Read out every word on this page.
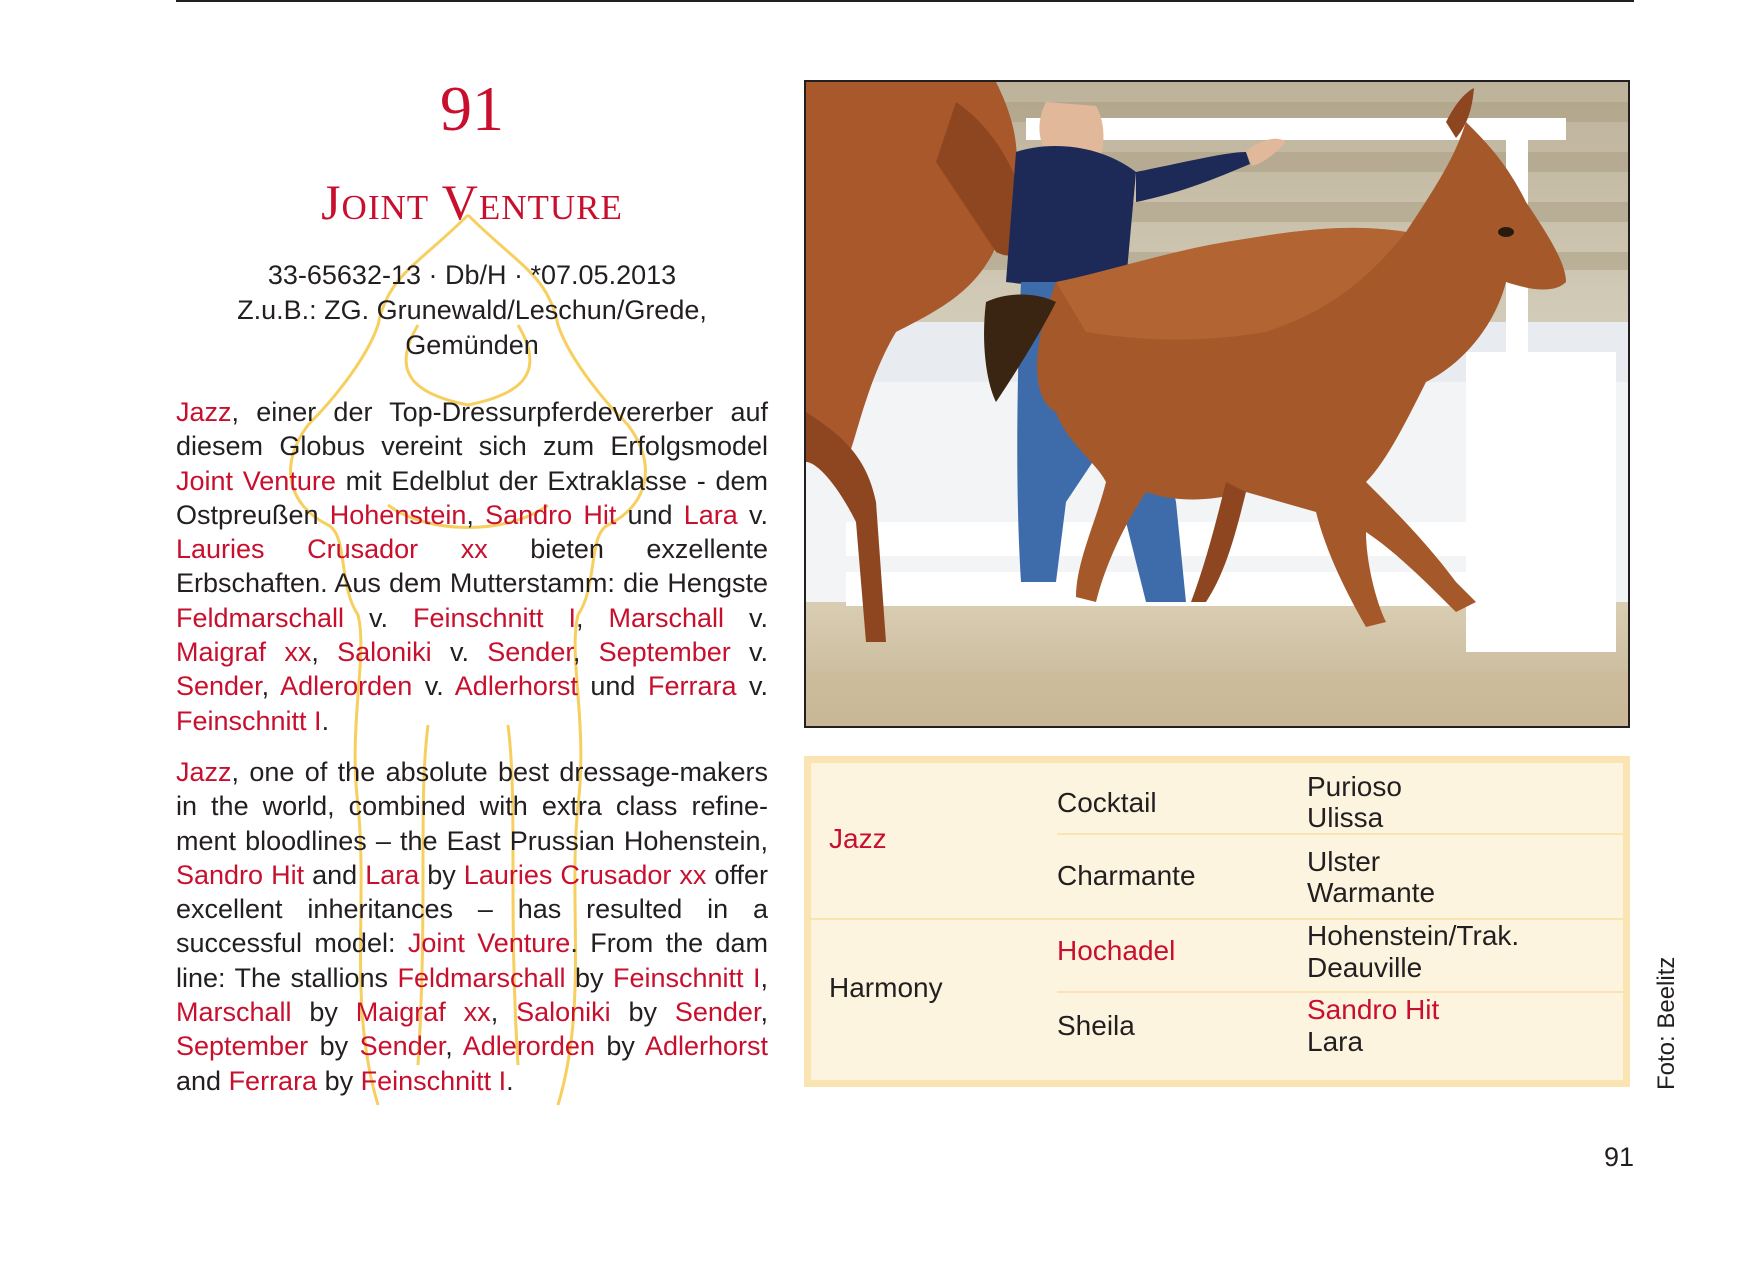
91
Joint Venture
33-65632-13 · Db/H · *07.05.2013
Z.u.B.: ZG. Grunewald/Leschun/Grede,
Gemünden

Jazz, einer der Top-Dressurpferdevererber auf diesem Globus vereint sich zum Erfolgsmodel Joint Venture mit Edelblut der Extraklasse - dem Ostpreußen Hohenstein, Sandro Hit und Lara v. Lauries Crusador xx bieten exzellente Erbschaften. Aus dem Mutterstamm: die Hengste Feldmarschall v. Feinschnitt I, Marschall v. Maigraf xx, Saloniki v. Sender, September v. Sender, Adlerorden v. Adlerhorst und Ferrara v. Feinschnitt I.

Jazz, one of the absolute best dressage-makers in the world, combined with extra class refinement bloodlines – the East Prussian Hohenstein, Sandro Hit and Lara by Lauries Crusador xx offer excellent inheritances – has resulted in a successful model: Joint Venture. From the dam line: The stallions Feldmarschall by Feinschnitt I, Marschall by Maigraf xx, Saloniki by Sender, September by Sender, Adlerorden by Adlerhorst and Ferrara by Feinschnitt I.

Jazz
Harmony
Cocktail
Charmante
Hochadel
Sheila
Purioso
Ulissa
Ulster
Warmante
Hohenstein/Trak.
Deauville
Sandro Hit
Lara	Foto: Beelitz
91
